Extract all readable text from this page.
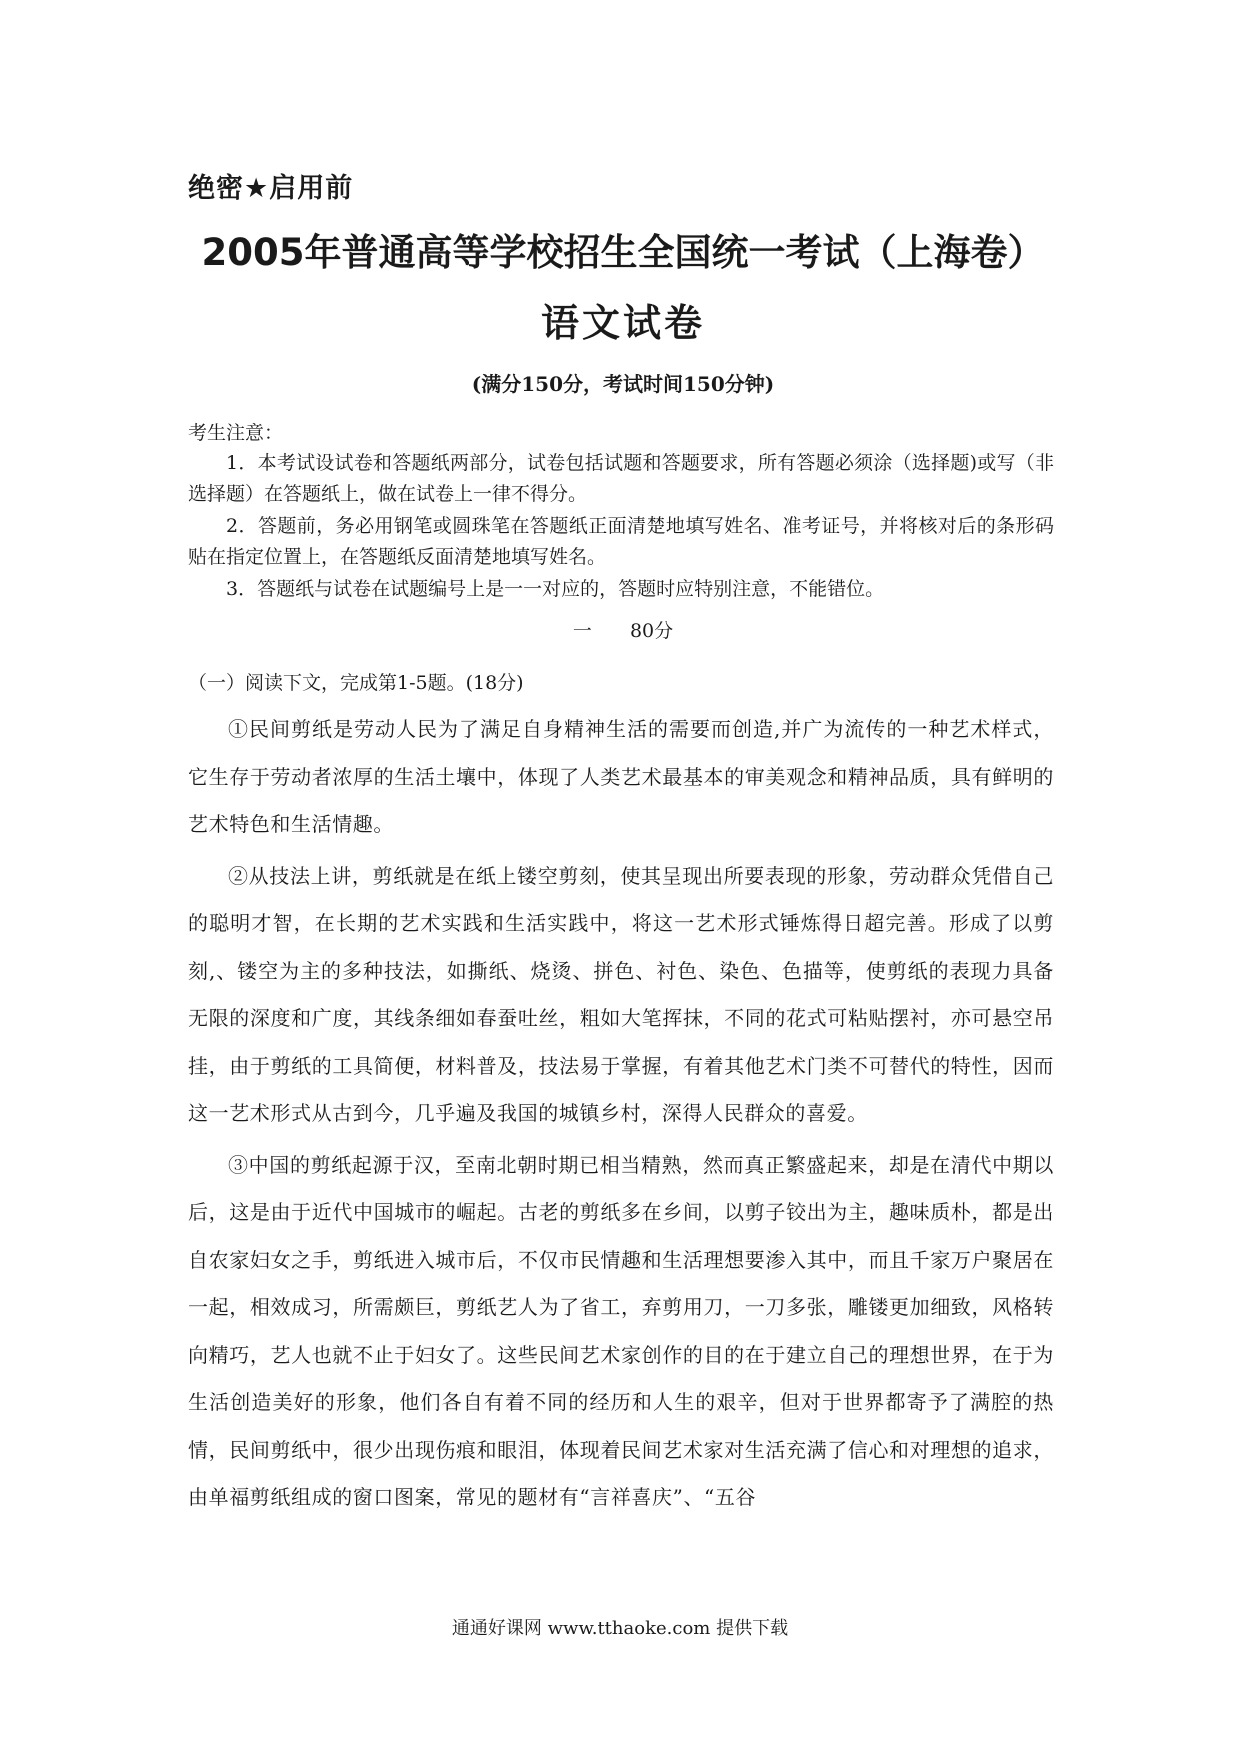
绝密★启用前
2005年普通高等学校招生全国统一考试（上海卷）
语文试卷
(满分150分，考试时间150分钟)
考生注意：
1．本考试设试卷和答题纸两部分，试卷包括试题和答题要求，所有答题必须涂（选择题)或写（非选择题）在答题纸上，做在试卷上一律不得分。
2．答题前，务必用钢笔或圆珠笔在答题纸正面清楚地填写姓名、准考证号，并将核对后的条形码贴在指定位置上，在答题纸反面清楚地填写姓名。
3．答题纸与试卷在试题编号上是一一对应的，答题时应特别注意，不能错位。
一 80分
（一）阅读下文，完成第1-5题。(18分)

①民间剪纸是劳动人民为了满足自身精神生活的需要而创造,并广为流传的一种艺术样式，它生存于劳动者浓厚的生活土壤中，体现了人类艺术最基本的审美观念和精神品质，具有鲜明的艺术特色和生活情趣。

②从技法上讲，剪纸就是在纸上镂空剪刻，使其呈现出所要表现的形象，劳动群众凭借自己的聪明才智，在长期的艺术实践和生活实践中，将这一艺术形式锤炼得日超完善。形成了以剪刻,、镂空为主的多种技法，如撕纸、烧烫、拼色、衬色、染色、色描等，使剪纸的表现力具备无限的深度和广度，其线条细如春蚕吐丝，粗如大笔挥抹，不同的花式可粘贴摆衬，亦可悬空吊挂，由于剪纸的工具简便，材料普及，技法易于掌握，有着其他艺术门类不可替代的特性，因而这一艺术形式从古到今，几乎遍及我国的城镇乡村，深得人民群众的喜爱。

③中国的剪纸起源于汉，至南北朝时期已相当精熟，然而真正繁盛起来，却是在清代中期以后，这是由于近代中国城市的崛起。古老的剪纸多在乡间，以剪子铰出为主，趣味质朴，都是出自农家妇女之手，剪纸进入城市后，不仅市民情趣和生活理想要渗入其中，而且千家万户聚居在一起，相效成习，所需颇巨，剪纸艺人为了省工，弃剪用刀，一刀多张，雕镂更加细致，风格转向精巧，艺人也就不止于妇女了。这些民间艺术家创作的目的在于建立自己的理想世界，在于为生活创造美好的形象，他们各自有着不同的经历和人生的艰辛，但对于世界都寄予了满腔的热情，民间剪纸中，很少出现伤痕和眼泪，体现着民间艺术家对生活充满了信心和对理想的追求，由单福剪纸组成的窗口图案，常见的题材有“言祥喜庆”、“五谷

通通好课网 www.tthaoke.com 提供下载
